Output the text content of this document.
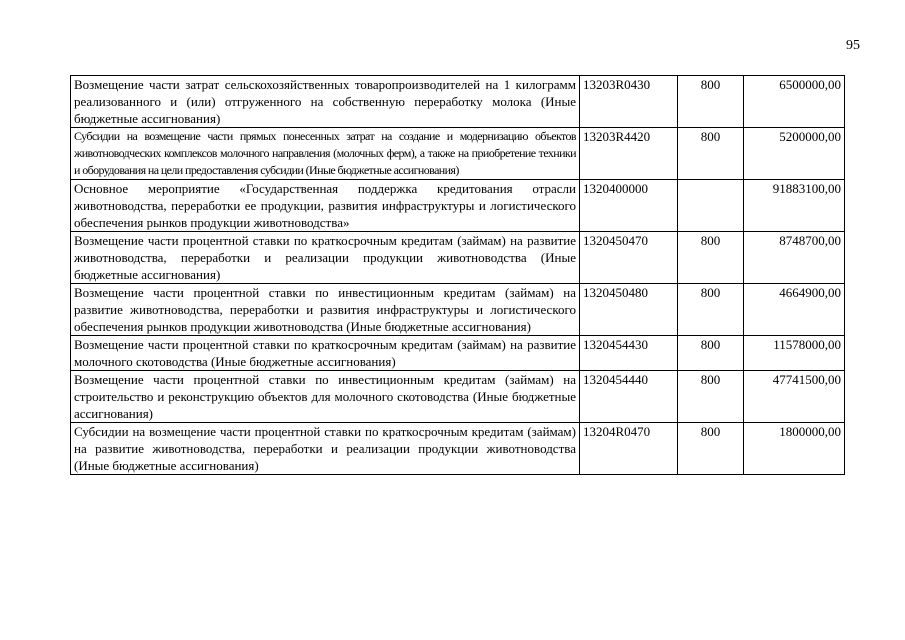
95
Возмещение части затрат сельскохозяйственных товаропроизводителей на 1 килограмм реализованного и (или) отгруженного на собственную переработку молока (Иные бюджетные ассигнования)	13203R0430	800	6500000,00
Субсидии на возмещение части прямых понесенных затрат на создание и модернизацию объектов животноводческих комплексов молочного направления (молочных ферм), а также на приобретение техники и оборудования на цели предоставления субсидии (Иные бюджетные ассигнования)	13203R4420	800	5200000,00
Основное мероприятие «Государственная поддержка кредитования отрасли животноводства, переработки ее продукции, развития инфраструктуры и логистического обеспечения рынков продукции животноводства»	1320400000		91883100,00
Возмещение части процентной ставки по краткосрочным кредитам (займам) на развитие животноводства, переработки и реализации продукции животноводства (Иные бюджетные ассигнования)	1320450470	800	8748700,00
Возмещение части процентной ставки по инвестиционным кредитам (займам) на развитие животноводства, переработки и развития инфраструктуры и логистического обеспечения рынков продукции животноводства (Иные бюджетные ассигнования)	1320450480	800	4664900,00
Возмещение части процентной ставки по краткосрочным кредитам (займам) на развитие молочного скотоводства (Иные бюджетные ассигнования)	1320454430	800	11578000,00
Возмещение части процентной ставки по инвестиционным кредитам (займам) на строительство и реконструкцию объектов для молочного скотоводства (Иные бюджетные ассигнования)	1320454440	800	47741500,00
Субсидии на возмещение части процентной ставки по краткосрочным кредитам (займам) на развитие животноводства, переработки и реализации продукции животноводства (Иные бюджетные ассигнования)	13204R0470	800	1800000,00
